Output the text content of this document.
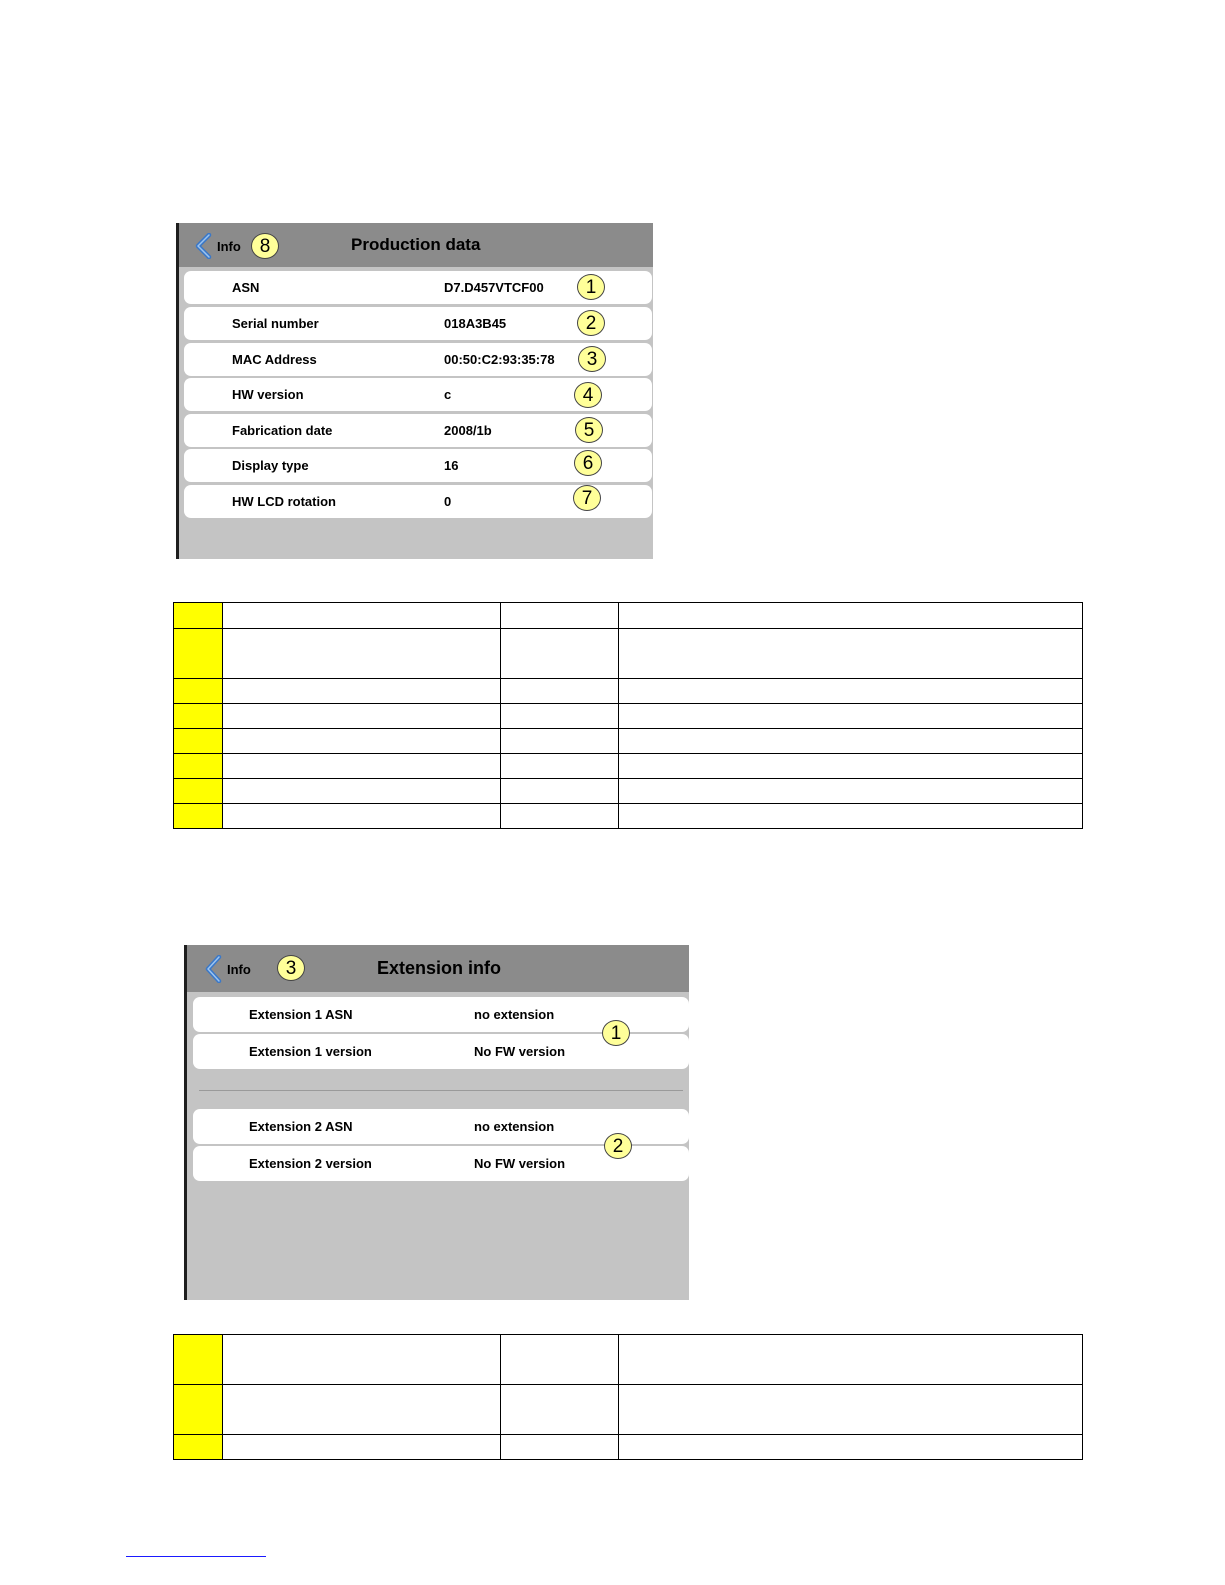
Info 8	Production data
ASN	D7.D457VTCF00	1
Serial number	018A3B45	2
MAC Address	00:50:C2:93:35:78	3
HW version	c	4
Fabrication date	2008/1b	5
Display type	16	6
HW LCD rotation	0	7

Info	3	Extension info
Extension 1 ASN	no extension
Extension 1 version	No FW version
1
Extension 2 ASN	no extension
Extension 2 version	No FW version
2
